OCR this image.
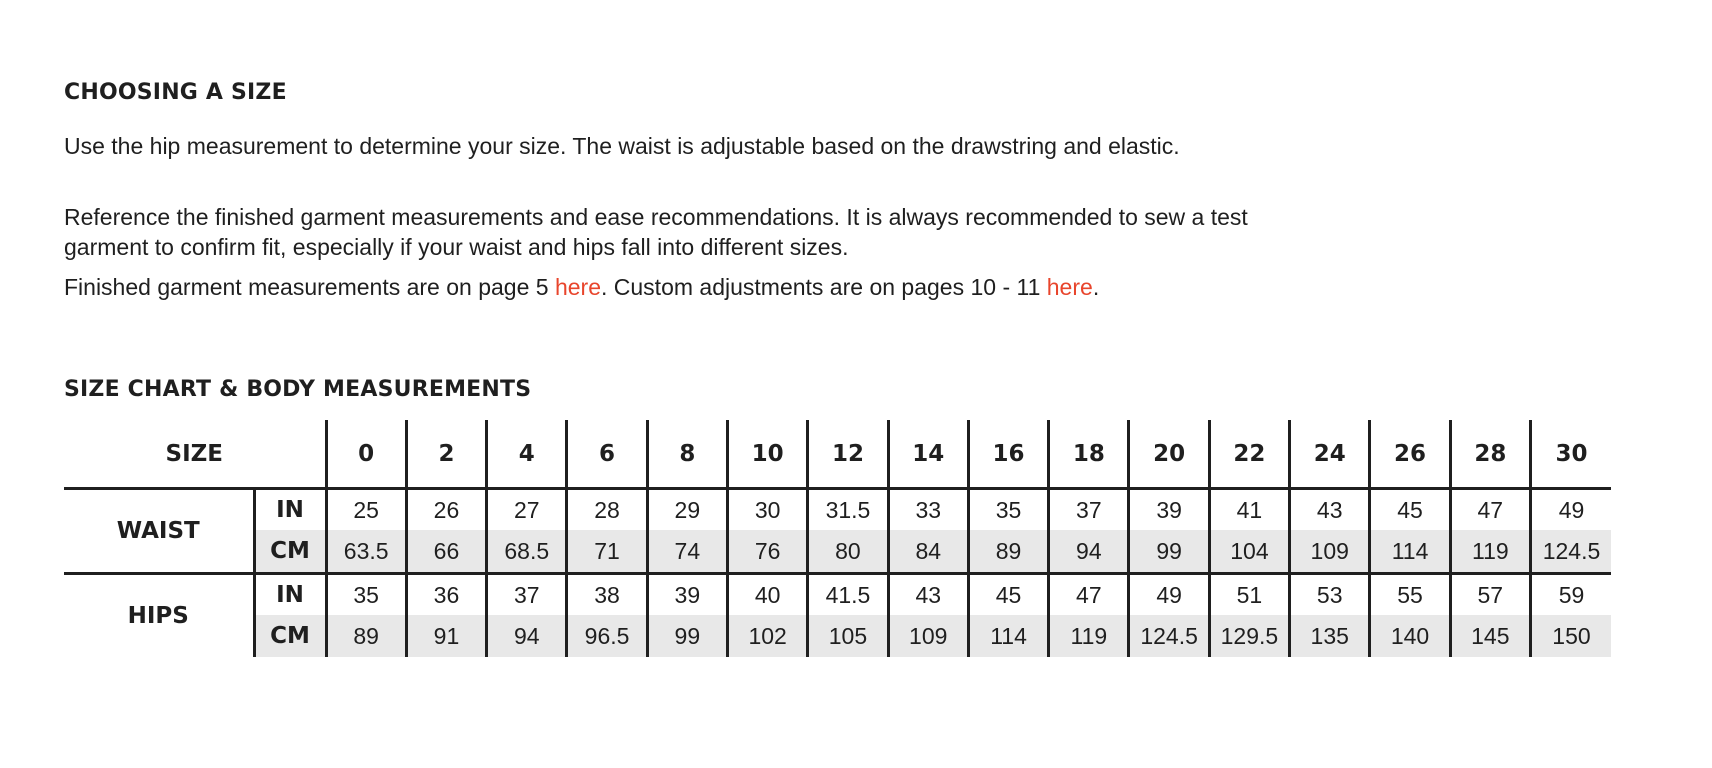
CHOOSING A SIZE

Use the hip measurement to determine your size. The waist is adjustable based on the drawstring and elastic.

Reference the finished garment measurements and ease recommendations. It is always recommended to sew a test garment to confirm fit, especially if your waist and hips fall into different sizes.

Finished garment measurements are on page 5 here. Custom adjustments are on pages 10 - 11 here.

SIZE CHART & BODY MEASUREMENTS
SIZE		0	2	4	6	8	10	12	14	16	18	20	22	24	26	28	30
WAIST	IN	25	26	27	28	29	30	31.5	33	35	37	39	41	43	45	47	49
	CM	63.5	66	68.5	71	74	76	80	84	89	94	99	104	109	114	119	124.5
HIPS	IN	35	36	37	38	39	40	41.5	43	45	47	49	51	53	55	57	59
	CM	89	91	94	96.5	99	102	105	109	114	119	124.5	129.5	135	140	145	150
